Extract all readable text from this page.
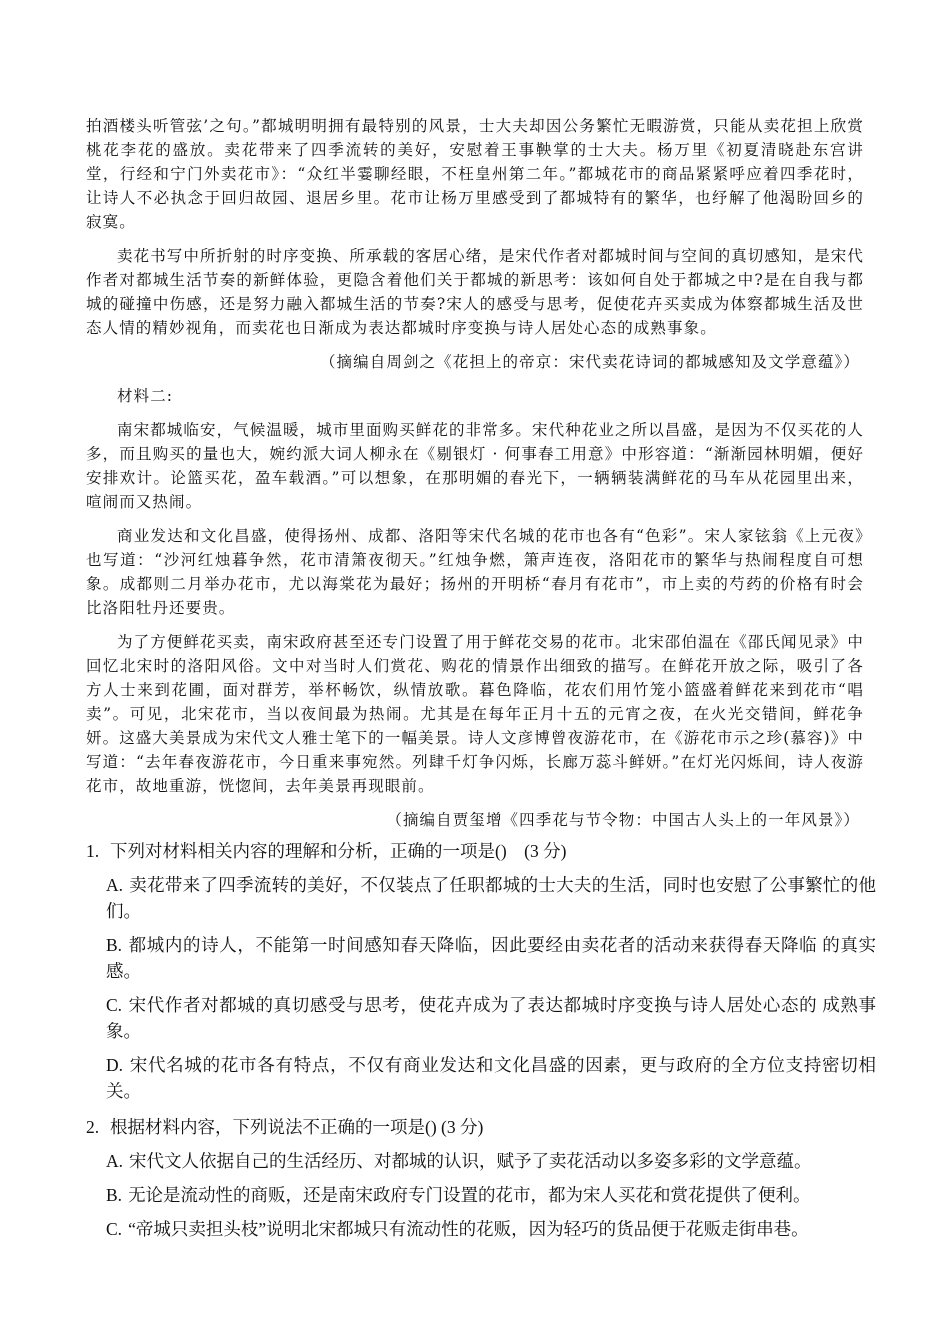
拍酒楼头听管弦’之句。”都城明明拥有最特别的风景，士大夫却因公务繁忙无暇游赏，只能从卖花担上欣赏桃花李花的盛放。卖花带来了四季流转的美好，安慰着王事鞅掌的士大夫。杨万里《初夏清晓赴东宫讲堂，行经和宁门外卖花市》：“众红半霎聊经眼，不枉皇州第二年。”都城花市的商品紧紧呼应着四季花时，让诗人不必执念于回归故园、退居乡里。花市让杨万里感受到了都城特有的繁华，也纾解了他渴盼回乡的寂寞。

卖花书写中所折射的时序变换、所承载的客居心绪，是宋代作者对都城时间与空间的真切感知，是宋代作者对都城生活节奏的新鲜体验，更隐含着他们关于都城的新思考：该如何自处于都城之中?是在自我与都城的碰撞中伤感，还是努力融入都城生活的节奏?宋人的感受与思考，促使花卉买卖成为体察都城生活及世态人情的精妙视角，而卖花也日渐成为表达都城时序变换与诗人居处心态的成熟事象。

（摘编自周剑之《花担上的帝京：宋代卖花诗词的都城感知及文学意蕴》）

材料二:

南宋都城临安，气候温暖，城市里面购买鲜花的非常多。宋代种花业之所以昌盛，是因为不仅买花的人多，而且购买的量也大，婉约派大词人柳永在《剔银灯 · 何事春工用意》中形容道：“渐渐园林明媚，便好安排欢计。论篮买花，盈车载酒。”可以想象，在那明媚的春光下，一辆辆装满鲜花的马车从花园里出来，喧闹而又热闹。

商业发达和文化昌盛，使得扬州、成都、洛阳等宋代名城的花市也各有“色彩”。宋人家铉翁《上元夜》也写道：“沙河红烛暮争然，花市清箫夜彻天。”红烛争燃，箫声连夜，洛阳花市的繁华与热闹程度自可想象。成都则二月举办花市，尤以海棠花为最好；扬州的开明桥“春月有花市”，市上卖的芍药的价格有时会比洛阳牡丹还要贵。

为了方便鲜花买卖，南宋政府甚至还专门设置了用于鲜花交易的花市。北宋邵伯温在《邵氏闻见录》中回忆北宋时的洛阳风俗。文中对当时人们赏花、购花的情景作出细致的描写。在鲜花开放之际，吸引了各方人士来到花圃，面对群芳，举杯畅饮，纵情放歌。暮色降临，花农们用竹笼小篮盛着鲜花来到花市“唱卖”。可见，北宋花市，当以夜间最为热闹。尤其是在每年正月十五的元宵之夜，在火光交错间，鲜花争妍。这盛大美景成为宋代文人雅士笔下的一幅美景。诗人文彦博曾夜游花市，在《游花市示之珍(慕容)》中写道：“去年春夜游花市，今日重来事宛然。列肆千灯争闪烁，长廊万蕊斗鲜妍。”在灯光闪烁间，诗人夜游花市，故地重游，恍惚间，去年美景再现眼前。

（摘编自贾玺增《四季花与节令物：中国古人头上的一年风景》）

1. 下列对材料相关内容的理解和分析，正确的一项是()　(3 分)
A. 卖花带来了四季流转的美好，不仅装点了任职都城的士大夫的生活，同时也安慰了公事繁忙的他们。
B. 都城内的诗人，不能第一时间感知春天降临，因此要经由卖花者的活动来获得春天降临 的真实感。
C. 宋代作者对都城的真切感受与思考，使花卉成为了表达都城时序变换与诗人居处心态的 成熟事象。
D. 宋代名城的花市各有特点，不仅有商业发达和文化昌盛的因素，更与政府的全方位支持密切相关。
2. 根据材料内容，下列说法不正确的一项是() (3 分)
A. 宋代文人依据自己的生活经历、对都城的认识，赋予了卖花活动以多姿多彩的文学意蕴。
B. 无论是流动性的商贩，还是南宋政府专门设置的花市，都为宋人买花和赏花提供了便利。
C. “帝城只卖担头枝”说明北宋都城只有流动性的花贩，因为轻巧的货品便于花贩走街串巷。
